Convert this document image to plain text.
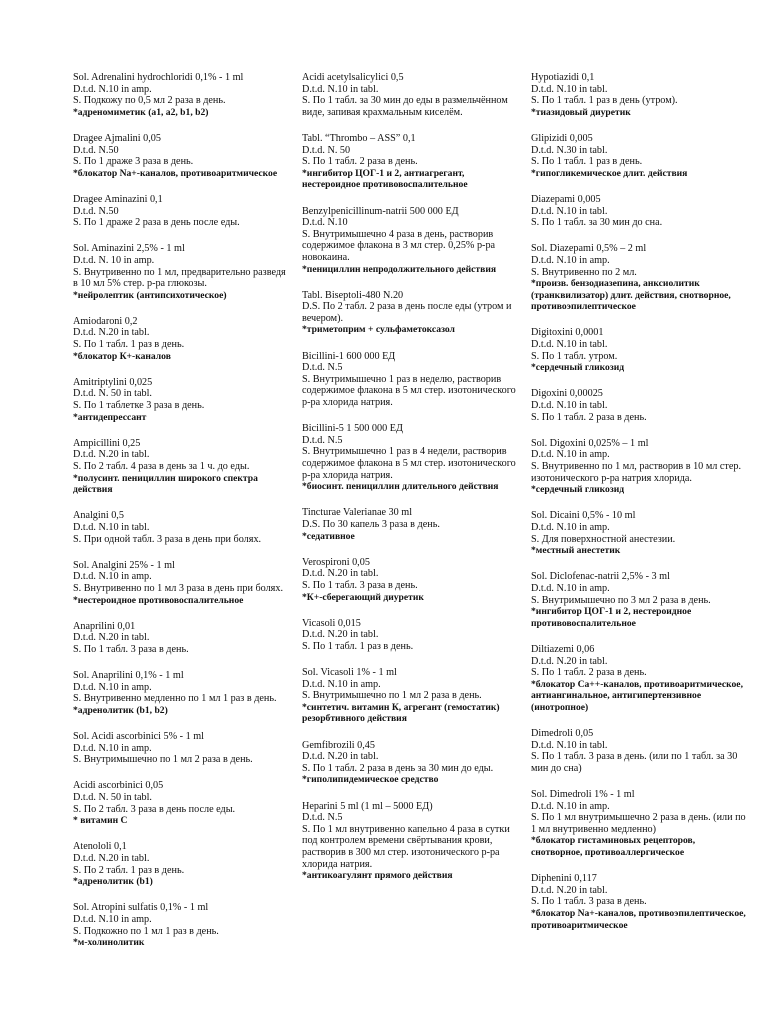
Sol. Adrenalini hydrochloridi 0,1% - 1 ml
D.t.d. N.10 in amp.
S. Подкожу по 0,5 мл 2 раза в день.
*адреномиметик (a1, a2, b1, b2)
Dragee Ajmalini 0,05
D.t.d. N.50
S. По 1 драже 3 раза в день.
*блокатор Na+-каналов, противоаритмическое
Dragee Aminazini 0,1
D.t.d. N.50
S. По 1 драже 2 раза в день после еды.
Sol. Aminazini 2,5% - 1 ml
D.t.d. N. 10 in amp.
S. Внутривенно по 1 мл, предварительно разведя в 10 мл 5% стер. р-ра глюкозы.
*нейролептик (антипсихотическое)
Amiodaroni 0,2
D.t.d. N.20 in tabl.
S. По 1 табл. 1 раз в день.
*блокатор К+-каналов
Amitriptylini 0,025
D.t.d. N. 50 in tabl.
S. По 1 таблетке 3 раза в день.
*антидепрессант
Ampicillini 0,25
D.t.d. N.20 in tabl.
S. По 2 табл. 4 раза в день за 1 ч. до еды.
*полусинт. пенициллин широкого спектра действия
Analgini 0,5
D.t.d. N.10 in tabl.
S. При одной табл. 3 раза в день при болях.
Sol. Analgini 25% - 1 ml
D.t.d. N.10 in amp.
S. Внутривенно по 1 мл 3 раза в день при болях.
*нестероидное противовоспалительное
Anaprilini 0,01
D.t.d. N.20 in tabl.
S. По 1 табл. 3 раза в день.
Sol. Anaprilini 0,1% - 1 ml
D.t.d. N.10 in amp.
S. Внутривенно медленно по 1 мл 1 раз в день.
*адренолитик (b1, b2)
Sol. Acidi ascorbinici 5% - 1 ml
D.t.d. N.10 in amp.
S. Внутримышечно по 1 мл 2 раза в день.
Acidi ascorbinici 0,05
D.t.d. N. 50 in tabl.
S. По 2 табл. 3 раза в день после еды.
* витамин С
Atenololi 0,1
D.t.d. N.20 in tabl.
S. По 2 табл. 1 раз в день.
*адренолитик (b1)
Sol. Atropini sulfatis 0,1% - 1 ml
D.t.d. N.10 in amp.
S. Подкожно по 1 мл 1 раз в день.
*м-холинолитик
Acidi acetylsalicylici 0,5
D.t.d. N.10 in tabl.
S. По 1 табл. за 30 мин до еды в размельчённом виде, запивая крахмальным киселём.
Tabl. “Thrombo – ASS” 0,1
D.t.d. N. 50
S. По 1 табл. 2 раза в день.
*ингибитор ЦОГ-1 и 2, антиагрегант, нестероидное противовоспалительное
Benzylpenicillinum-natrii 500 000 ЕД
D.t.d. N.10
S. Внутримышечно 4 раза в день, растворив содержимое флакона в 3 мл стер. 0,25% р-ра новокаина.
*пенициллин непродолжительного действия
Tabl. Biseptoli-480 N.20
D.S. По 2 табл. 2 раза в день после еды (утром и вечером).
*триметоприм + сульфаметоксазол
Bicillini-1 600 000 ЕД
D.t.d. N.5
S. Внутримышечно 1 раз в неделю, растворив содержимое флакона в 5 мл стер. изотонического р-ра хлорида натрия.
Bicillini-5 1 500 000 ЕД
D.t.d. N.5
S. Внутримышечно 1 раз в 4 недели, растворив содержимое флакона в 5 мл стер. изотонического р-ра хлорида натрия.
*биосинт. пенициллин длительного действия
Tincturae Valerianae 30 ml
D.S. По 30 капель 3 раза в день.
*седативное
Verospironi 0,05
D.t.d. N.20 in tabl.
S. По 1 табл. 3 раза в день.
*К+-сберегающий диуретик
Vicasoli 0,015
D.t.d. N.20 in tabl.
S. По 1 табл. 1 раз в день.
Sol. Vicasoli 1% - 1 ml
D.t.d. N.10 in amp.
S. Внутримышечно по 1 мл 2 раза в день.
*синтетич. витамин К, агрегант (гемостатик) резорбтивного действия
Gemfibrozili 0,45
D.t.d. N.20 in tabl.
S. По 1 табл. 2 раза в день за 30 мин до еды.
*гиполипидемическое средство
Heparini 5 ml (1 ml – 5000 ЕД)
D.t.d. N.5
S. По 1 мл внутривенно капельно 4 раза в сутки под контролем времени свёртывания крови, растворив в 300 мл стер. изотонического р-ра хлорида натрия.
*антикоагулянт прямого действия
Hypotiazidi 0,1
D.t.d. N.10 in tabl.
S. По 1 табл. 1 раз в день (утром).
*тиазидовый диуретик
Glipizidi 0,005
D.t.d. N.30 in tabl.
S. По 1 табл. 1 раз в день.
*гипогликемическое длит. действия
Diazepami 0,005
D.t.d. N.10 in tabl.
S. По 1 табл. за 30 мин до сна.
Sol. Diazepami 0,5% – 2 ml
D.t.d. N.10 in amp.
S. Внутривенно по 2 мл.
*произв. бензодиазепина, анксиолитик (транквилизатор) длит. действия, снотворное, противоэпилептическое
Digitoxini 0,0001
D.t.d. N.10 in tabl.
S. По 1 табл. утром.
*сердечный гликозид
Digoxini 0,00025
D.t.d. N.10 in tabl.
S. По 1 табл. 2 раза в день.
Sol. Digoxini 0,025% – 1 ml
D.t.d. N.10 in amp.
S. Внутривенно по 1 мл, растворив в 10 мл стер. изотонического р-ра натрия хлорида.
*сердечный гликозид
Sol. Dicaini 0,5% - 10 ml
D.t.d. N.10 in amp.
S. Для поверхностной анестезии.
*местный анестетик
Sol. Diclofenac-natrii 2,5% - 3 ml
D.t.d. N.10 in amp.
S. Внутримышечно по 3 мл 2 раза в день.
*ингибитор ЦОГ-1 и 2, нестероидное противовоспалительное
Diltiazemi 0,06
D.t.d. N.20 in tabl.
S. По 1 табл. 2 раза в день.
*блокатор Са++-каналов, противоаритмическое, антиангинальное, антигипертензивное (инотропное)
Dimedroli 0,05
D.t.d. N.10 in tabl.
S. По 1 табл. 3 раза в день. (или по 1 табл. за 30 мин до сна)
Sol. Dimedroli 1% - 1 ml
D.t.d. N.10 in amp.
S. По 1 мл внутримышечно 2 раза в день. (или по 1 мл внутривенно медленно)
*блокатор гистаминовых рецепторов, снотворное, противоаллергическое
Diphenini 0,117
D.t.d. N.20 in tabl.
S. По 1 табл. 3 раза в день.
*блокатор Na+-каналов, противоэпилептическое, противоаритмическое
